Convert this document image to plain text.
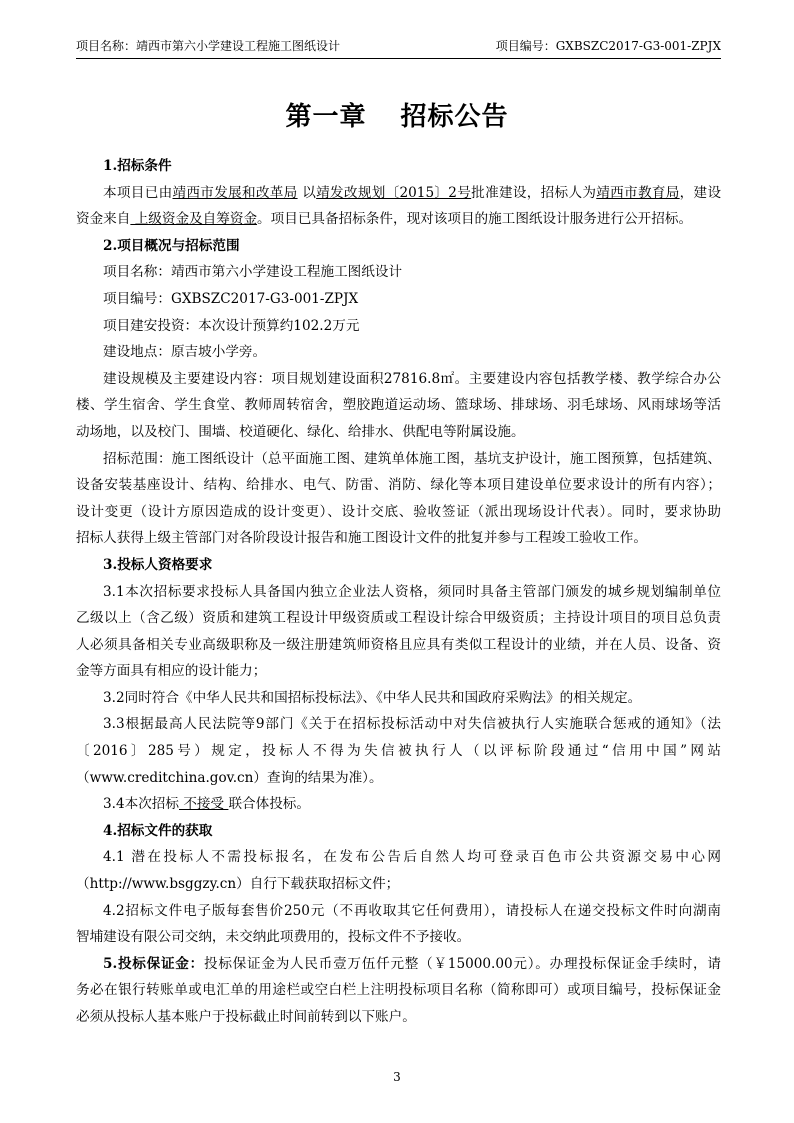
项目名称：靖西市第六小学建设工程施工图纸设计	项目编号：GXBSZC2017-G3-001-ZPJX
第一章 招标公告

1.招标条件

本项目已由靖西市发展和改革局 以靖发改规划〔2015〕2号批准建设，招标人为靖西市教育局，建设

资金来自 上级资金及自筹资金。项目已具备招标条件，现对该项目的施工图纸设计服务进行公开招标。

2.项目概况与招标范围

项目名称：靖西市第六小学建设工程施工图纸设计

项目编号：GXBSZC2017-G3-001-ZPJX

项目建安投资：本次设计预算约102.2万元

建设地点：原吉坡小学旁。

建设规模及主要建设内容：项目规划建设面积27816.8㎡。主要建设内容包括教学楼、教学综合办公

楼、学生宿舍、学生食堂、教师周转宿舍，塑胶跑道运动场、篮球场、排球场、羽毛球场、风雨球场等活

动场地，以及校门、围墙、校道硬化、绿化、给排水、供配电等附属设施。

招标范围：施工图纸设计（总平面施工图、建筑单体施工图，基坑支护设计，施工图预算，包括建筑、

设备安装基座设计、结构、给排水、电气、防雷、消防、绿化等本项目建设单位要求设计的所有内容）；

设计变更（设计方原因造成的设计变更）、设计交底、验收签证（派出现场设计代表）。同时，要求协助

招标人获得上级主管部门对各阶段设计报告和施工图设计文件的批复并参与工程竣工验收工作。

3.投标人资格要求

3.1本次招标要求投标人具备国内独立企业法人资格，须同时具备主管部门颁发的城乡规划编制单位

乙级以上（含乙级）资质和建筑工程设计甲级资质或工程设计综合甲级资质；主持设计项目的项目总负责

人必须具备相关专业高级职称及一级注册建筑师资格且应具有类似工程设计的业绩，并在人员、设备、资

金等方面具有相应的设计能力；

3.2同时符合《中华人民共和国招标投标法》、《中华人民共和国政府采购法》的相关规定。

3.3根据最高人民法院等9部门《关于在招标投标活动中对失信被执行人实施联合惩戒的通知》（法

〔2016〕285号）规定，投标人不得为失信被执行人（以评标阶段通过“信用中国”网站

（www.creditchina.gov.cn）查询的结果为准）。

3.4本次招标 不接受 联合体投标。

4.招标文件的获取

4.1 潜在投标人不需投标报名，在发布公告后自然人均可登录百色市公共资源交易中心网

（http://www.bsggzy.cn）自行下载获取招标文件；

4.2招标文件电子版每套售价250元（不再收取其它任何费用），请投标人在递交投标文件时向湖南

智埔建设有限公司交纳，未交纳此项费用的，投标文件不予接收。

5.投标保证金：投标保证金为人民币壹万伍仟元整（￥15000.00元）。办理投标保证金手续时，请

务必在银行转账单或电汇单的用途栏或空白栏上注明投标项目名称（简称即可）或项目编号，投标保证金

必须从投标人基本账户于投标截止时间前转到以下账户。

3
